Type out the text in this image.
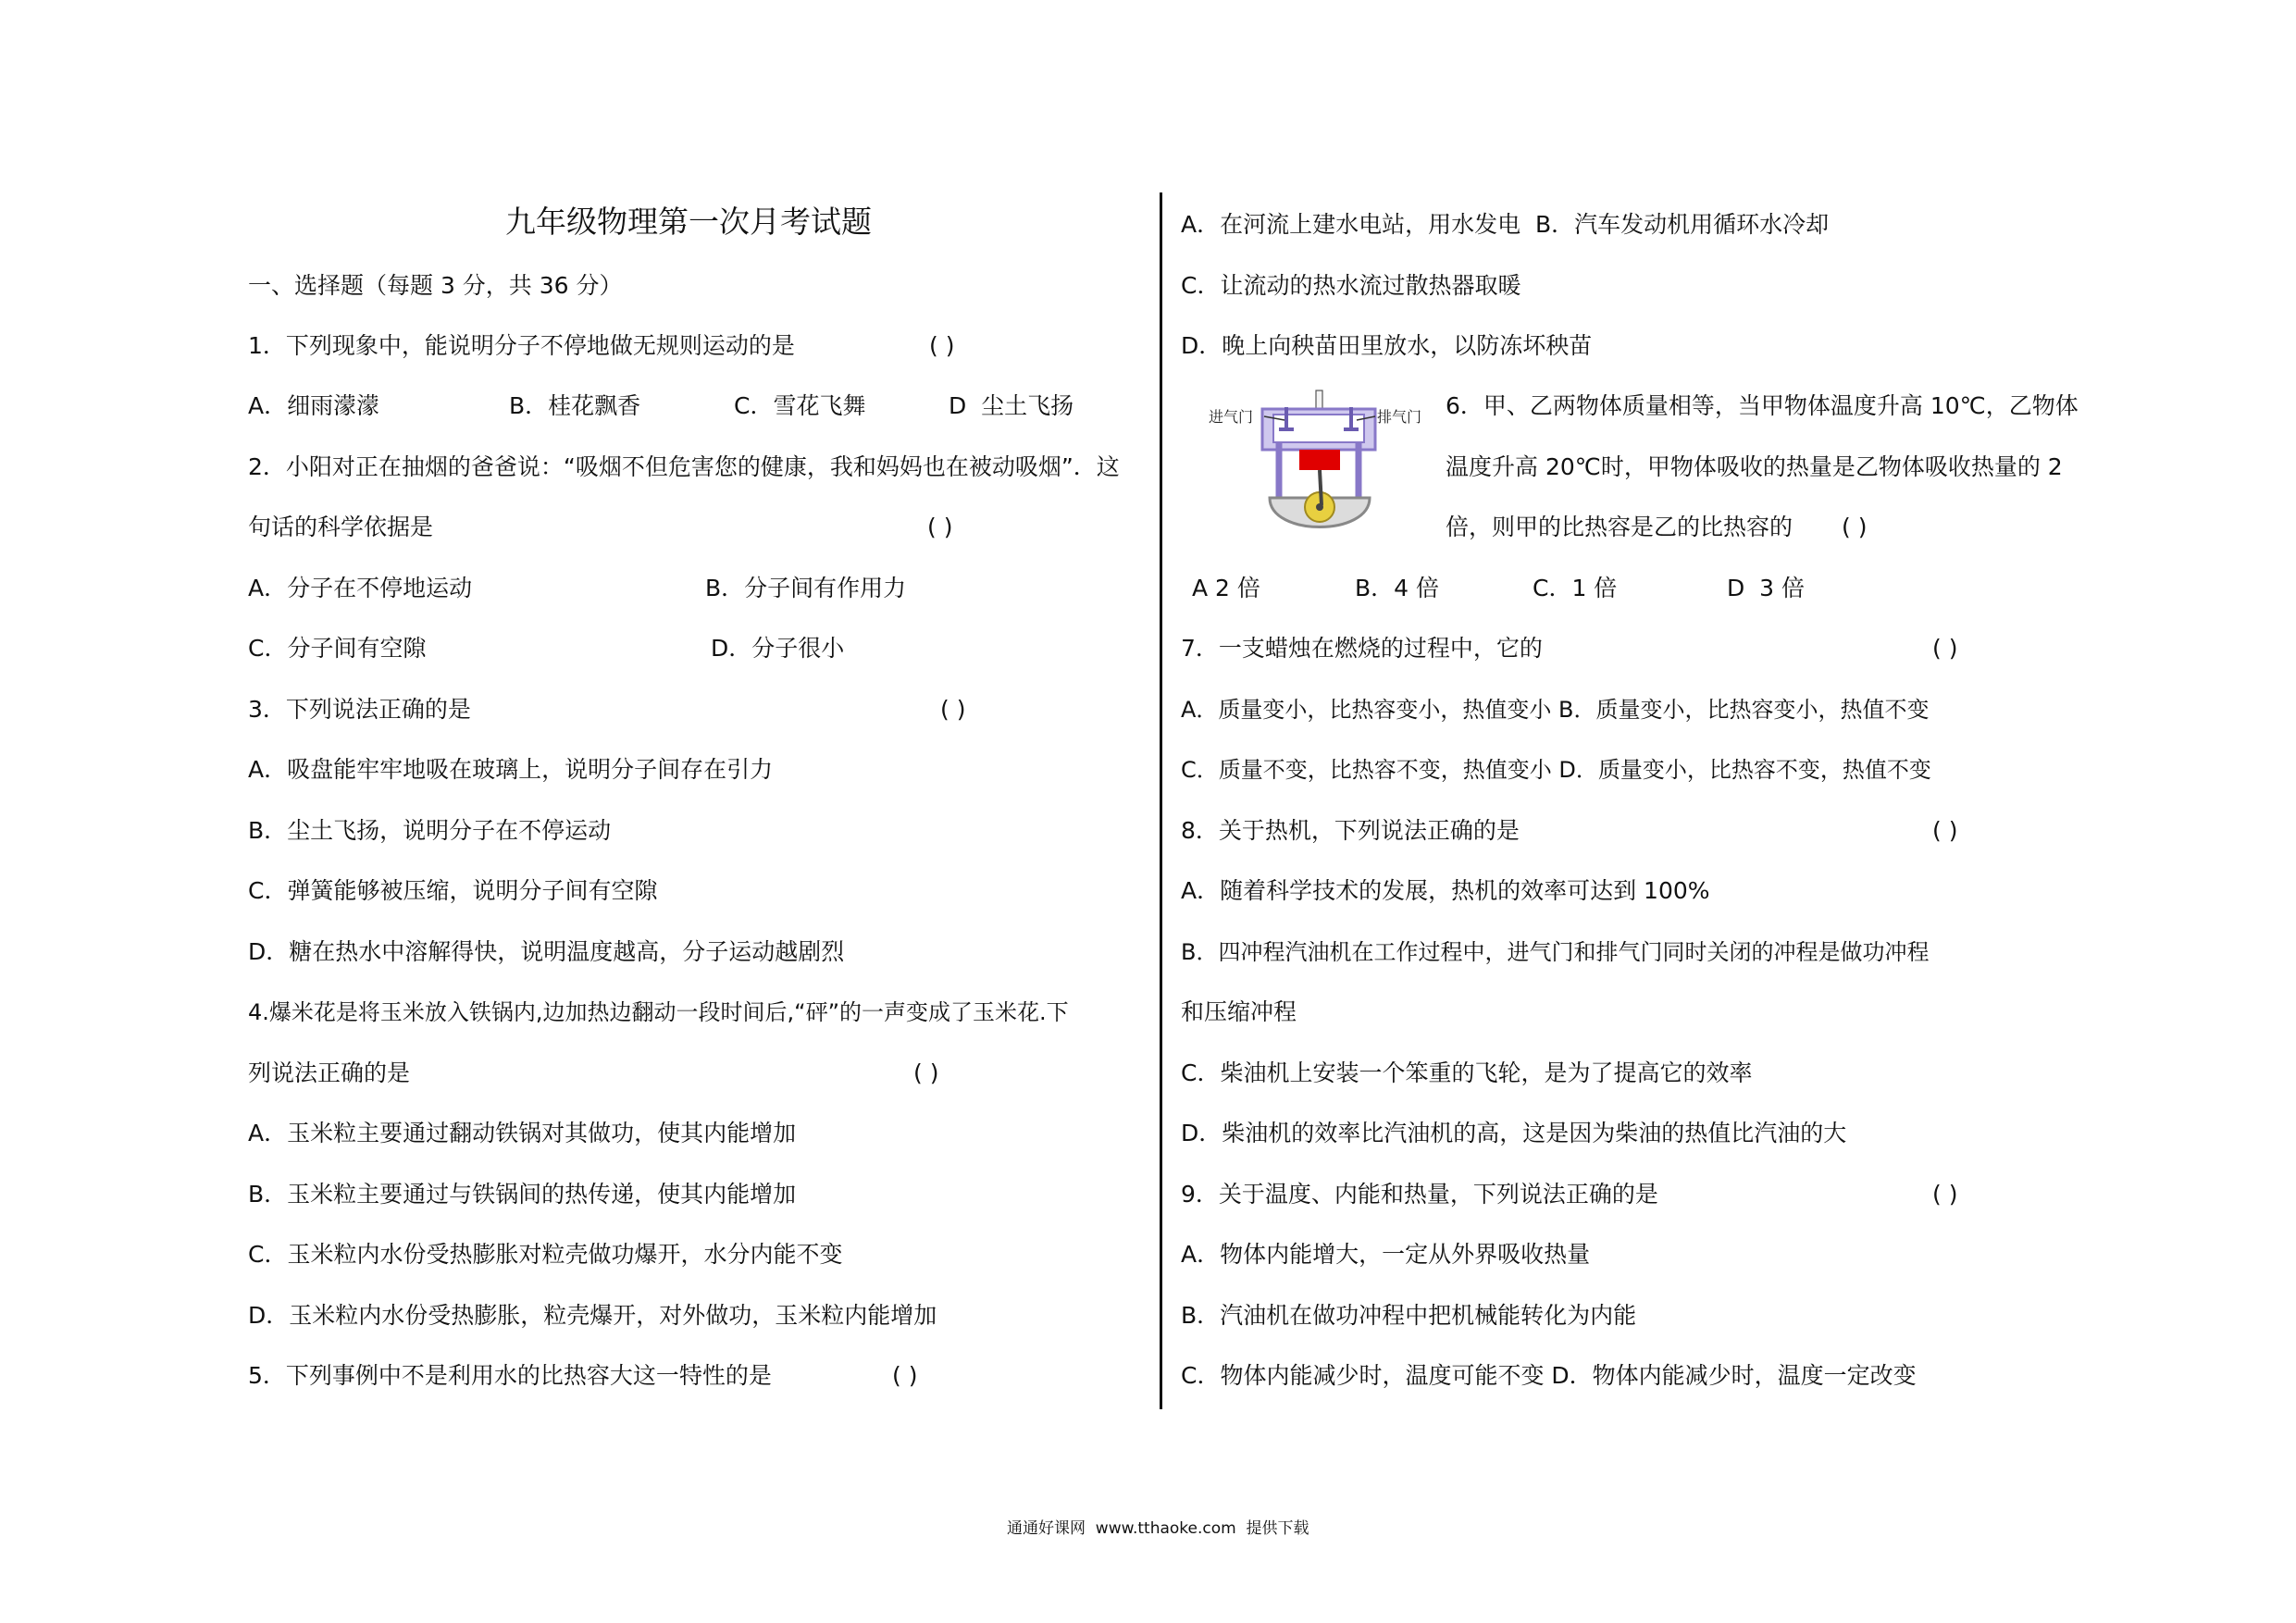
九年级物理第一次月考试题
一、选择题（每题 3 分，共 36 分）
1．下列现象中，能说明分子不停地做无规则运动的是	( )
A．细雨濛濛	B．桂花飘香	C．雪花飞舞	D  尘土飞扬
2．小阳对正在抽烟的爸爸说：“吸烟不但危害您的健康，我和妈妈也在被动吸烟”．这
句话的科学依据是	( )
A．分子在不停地运动	B．分子间有作用力
C．分子间有空隙	D．分子很小
3．下列说法正确的是	( )
A．吸盘能牢牢地吸在玻璃上，说明分子间存在引力
B．尘土飞扬，说明分子在不停运动
C．弹簧能够被压缩，说明分子间有空隙
D．糖在热水中溶解得快，说明温度越高，分子运动越剧烈
4.爆米花是将玉米放入铁锅内,边加热边翻动一段时间后,“砰”的一声变成了玉米花.下
列说法正确的是	( )
A．玉米粒主要通过翻动铁锅对其做功，使其内能增加
B．玉米粒主要通过与铁锅间的热传递，使其内能增加
C．玉米粒内水份受热膨胀对粒壳做功爆开，水分内能不变
D．玉米粒内水份受热膨胀，粒壳爆开，对外做功，玉米粒内能增加
5．下列事例中不是利用水的比热容大这一特性的是	( )
A．在河流上建水电站，用水发电  B．汽车发动机用循环水冷却
C．让流动的热水流过散热器取暖
D．晚上向秧苗田里放水，以防冻坏秧苗
进气门	排气门 6．甲、乙两物体质量相等，当甲物体温度升高 10℃，乙物体
温度升高 20℃时，甲物体吸收的热量是乙物体吸收热量的 2
倍，则甲的比热容是乙的比热容的 ( )
A 2 倍	B．4 倍	C．1 倍	D  3 倍
7．一支蜡烛在燃烧的过程中，它的	( )
A．质量变小，比热容变小，热值变小 B．质量变小，比热容变小，热值不变
C．质量不变，比热容不变，热值变小 D．质量变小，比热容不变，热值不变
8．关于热机，下列说法正确的是	( )
A．随着科学技术的发展，热机的效率可达到 100%
B．四冲程汽油机在工作过程中，进气门和排气门同时关闭的冲程是做功冲程
和压缩冲程
C．柴油机上安装一个笨重的飞轮，是为了提高它的效率
D．柴油机的效率比汽油机的高，这是因为柴油的热值比汽油的大
9．关于温度、内能和热量，下列说法正确的是	( )
A．物体内能增大，一定从外界吸收热量
B．汽油机在做功冲程中把机械能转化为内能
C．物体内能减少时，温度可能不变 D．物体内能减少时，温度一定改变
通通好课网  www.tthaoke.com  提供下载
